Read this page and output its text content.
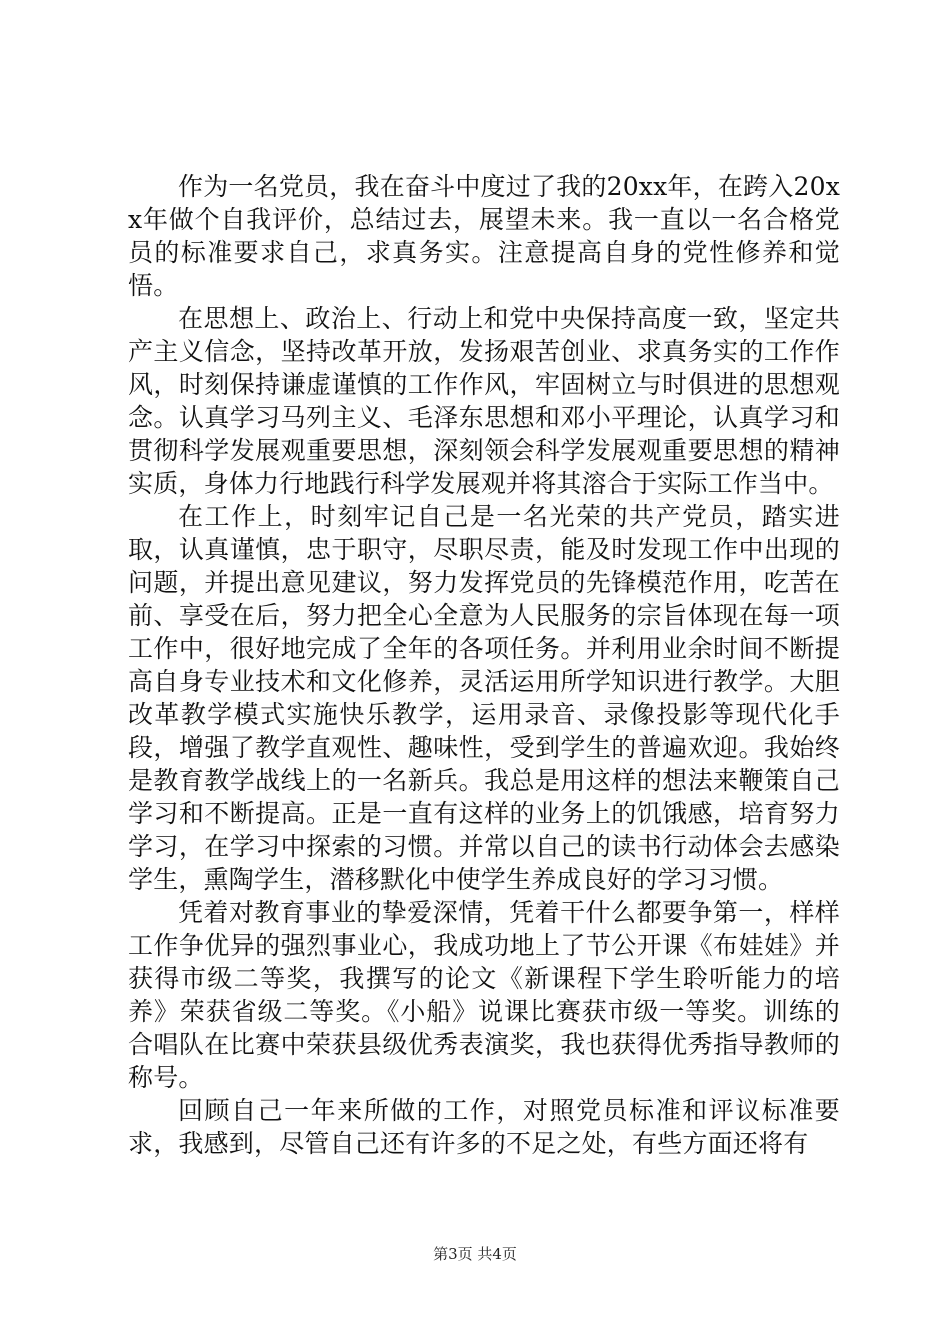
作为一名党员，我在奋斗中度过了我的20xx年，在跨入20xx年做个自我评价，总结过去，展望未来。我一直以一名合格党员的标准要求自己，求真务实。注意提高自身的党性修养和觉悟。

在思想上、政治上、行动上和党中央保持高度一致，坚定共产主义信念，坚持改革开放，发扬艰苦创业、求真务实的工作作风，时刻保持谦虚谨慎的工作作风，牢固树立与时俱进的思想观念。认真学习马列主义、毛泽东思想和邓小平理论，认真学习和贯彻科学发展观重要思想，深刻领会科学发展观重要思想的精神实质，身体力行地践行科学发展观并将其溶合于实际工作当中。

在工作上，时刻牢记自己是一名光荣的共产党员，踏实进取，认真谨慎，忠于职守，尽职尽责，能及时发现工作中出现的问题，并提出意见建议，努力发挥党员的先锋模范作用，吃苦在前、享受在后，努力把全心全意为人民服务的宗旨体现在每一项工作中，很好地完成了全年的各项任务。并利用业余时间不断提高自身专业技术和文化修养，灵活运用所学知识进行教学。大胆改革教学模式实施快乐教学，运用录音、录像投影等现代化手段，增强了教学直观性、趣味性，受到学生的普遍欢迎。我始终是教育教学战线上的一名新兵。我总是用这样的想法来鞭策自己学习和不断提高。正是一直有这样的业务上的饥饿感，培育努力学习，在学习中探索的习惯。并常以自己的读书行动体会去感染学生，熏陶学生，潜移默化中使学生养成良好的学习习惯。

凭着对教育事业的挚爱深情，凭着干什么都要争第一，样样工作争优异的强烈事业心，我成功地上了节公开课《布娃娃》并获得市级二等奖，我撰写的论文《新课程下学生聆听能力的培养》荣获省级二等奖。《小船》说课比赛获市级一等奖。训练的合唱队在比赛中荣获县级优秀表演奖，我也获得优秀指导教师的称号。

回顾自己一年来所做的工作，对照党员标准和评议标准要求，我感到，尽管自己还有许多的不足之处，有些方面还将有

第3页 共4页
